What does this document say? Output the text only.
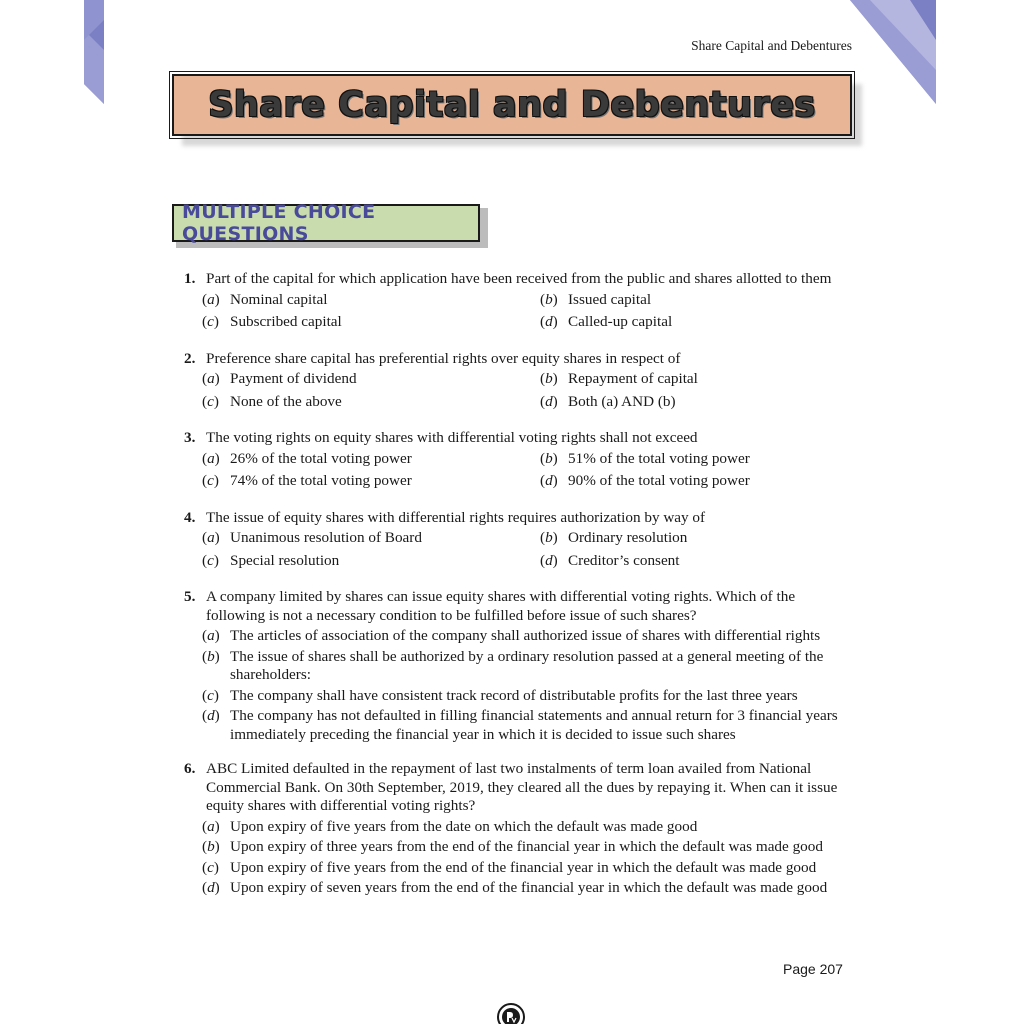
Share Capital and Debentures
Share Capital and Debentures
MULTIPLE CHOICE QUESTIONS
1. Part of the capital for which application have been received from the public and shares allotted to them
(a) Nominal capital	(b) Issued capital
(c) Subscribed capital	(d) Called-up capital
2. Preference share capital has preferential rights over equity shares in respect of
(a) Payment of dividend	(b) Repayment of capital
(c) None of the above	(d) Both (a) AND (b)
3. The voting rights on equity shares with differential voting rights shall not exceed
(a) 26% of the total voting power	(b) 51% of the total voting power
(c) 74% of the total voting power	(d) 90% of the total voting power
4. The issue of equity shares with differential rights requires authorization by way of
(a) Unanimous resolution of Board	(b) Ordinary resolution
(c) Special resolution	(d) Creditor’s consent
5. A company limited by shares can issue equity shares with differential voting rights. Which of the following is not a necessary condition to be fulfilled before issue of such shares?
(a) The articles of association of the company shall authorized issue of shares with differential rights
(b) The issue of shares shall be authorized by a ordinary resolution passed at a general meeting of the shareholders:
(c) The company shall have consistent track record of distributable profits for the last three years
(d) The company has not defaulted in filling financial statements and annual return for 3 financial years immediately preceding the financial year in which it is decided to issue such shares
6. ABC Limited defaulted in the repayment of last two instalments of term loan availed from National Commercial Bank. On 30th September, 2019, they cleared all the dues by repaying it. When can it issue equity shares with differential voting rights?
(a) Upon expiry of five years from the date on which the default was made good
(b) Upon expiry of three years from the end of the financial year in which the default was made good
(c) Upon expiry of five years from the end of the financial year in which the default was made good
(d) Upon expiry of seven years from the end of the financial year in which the default was made good
Page 207
